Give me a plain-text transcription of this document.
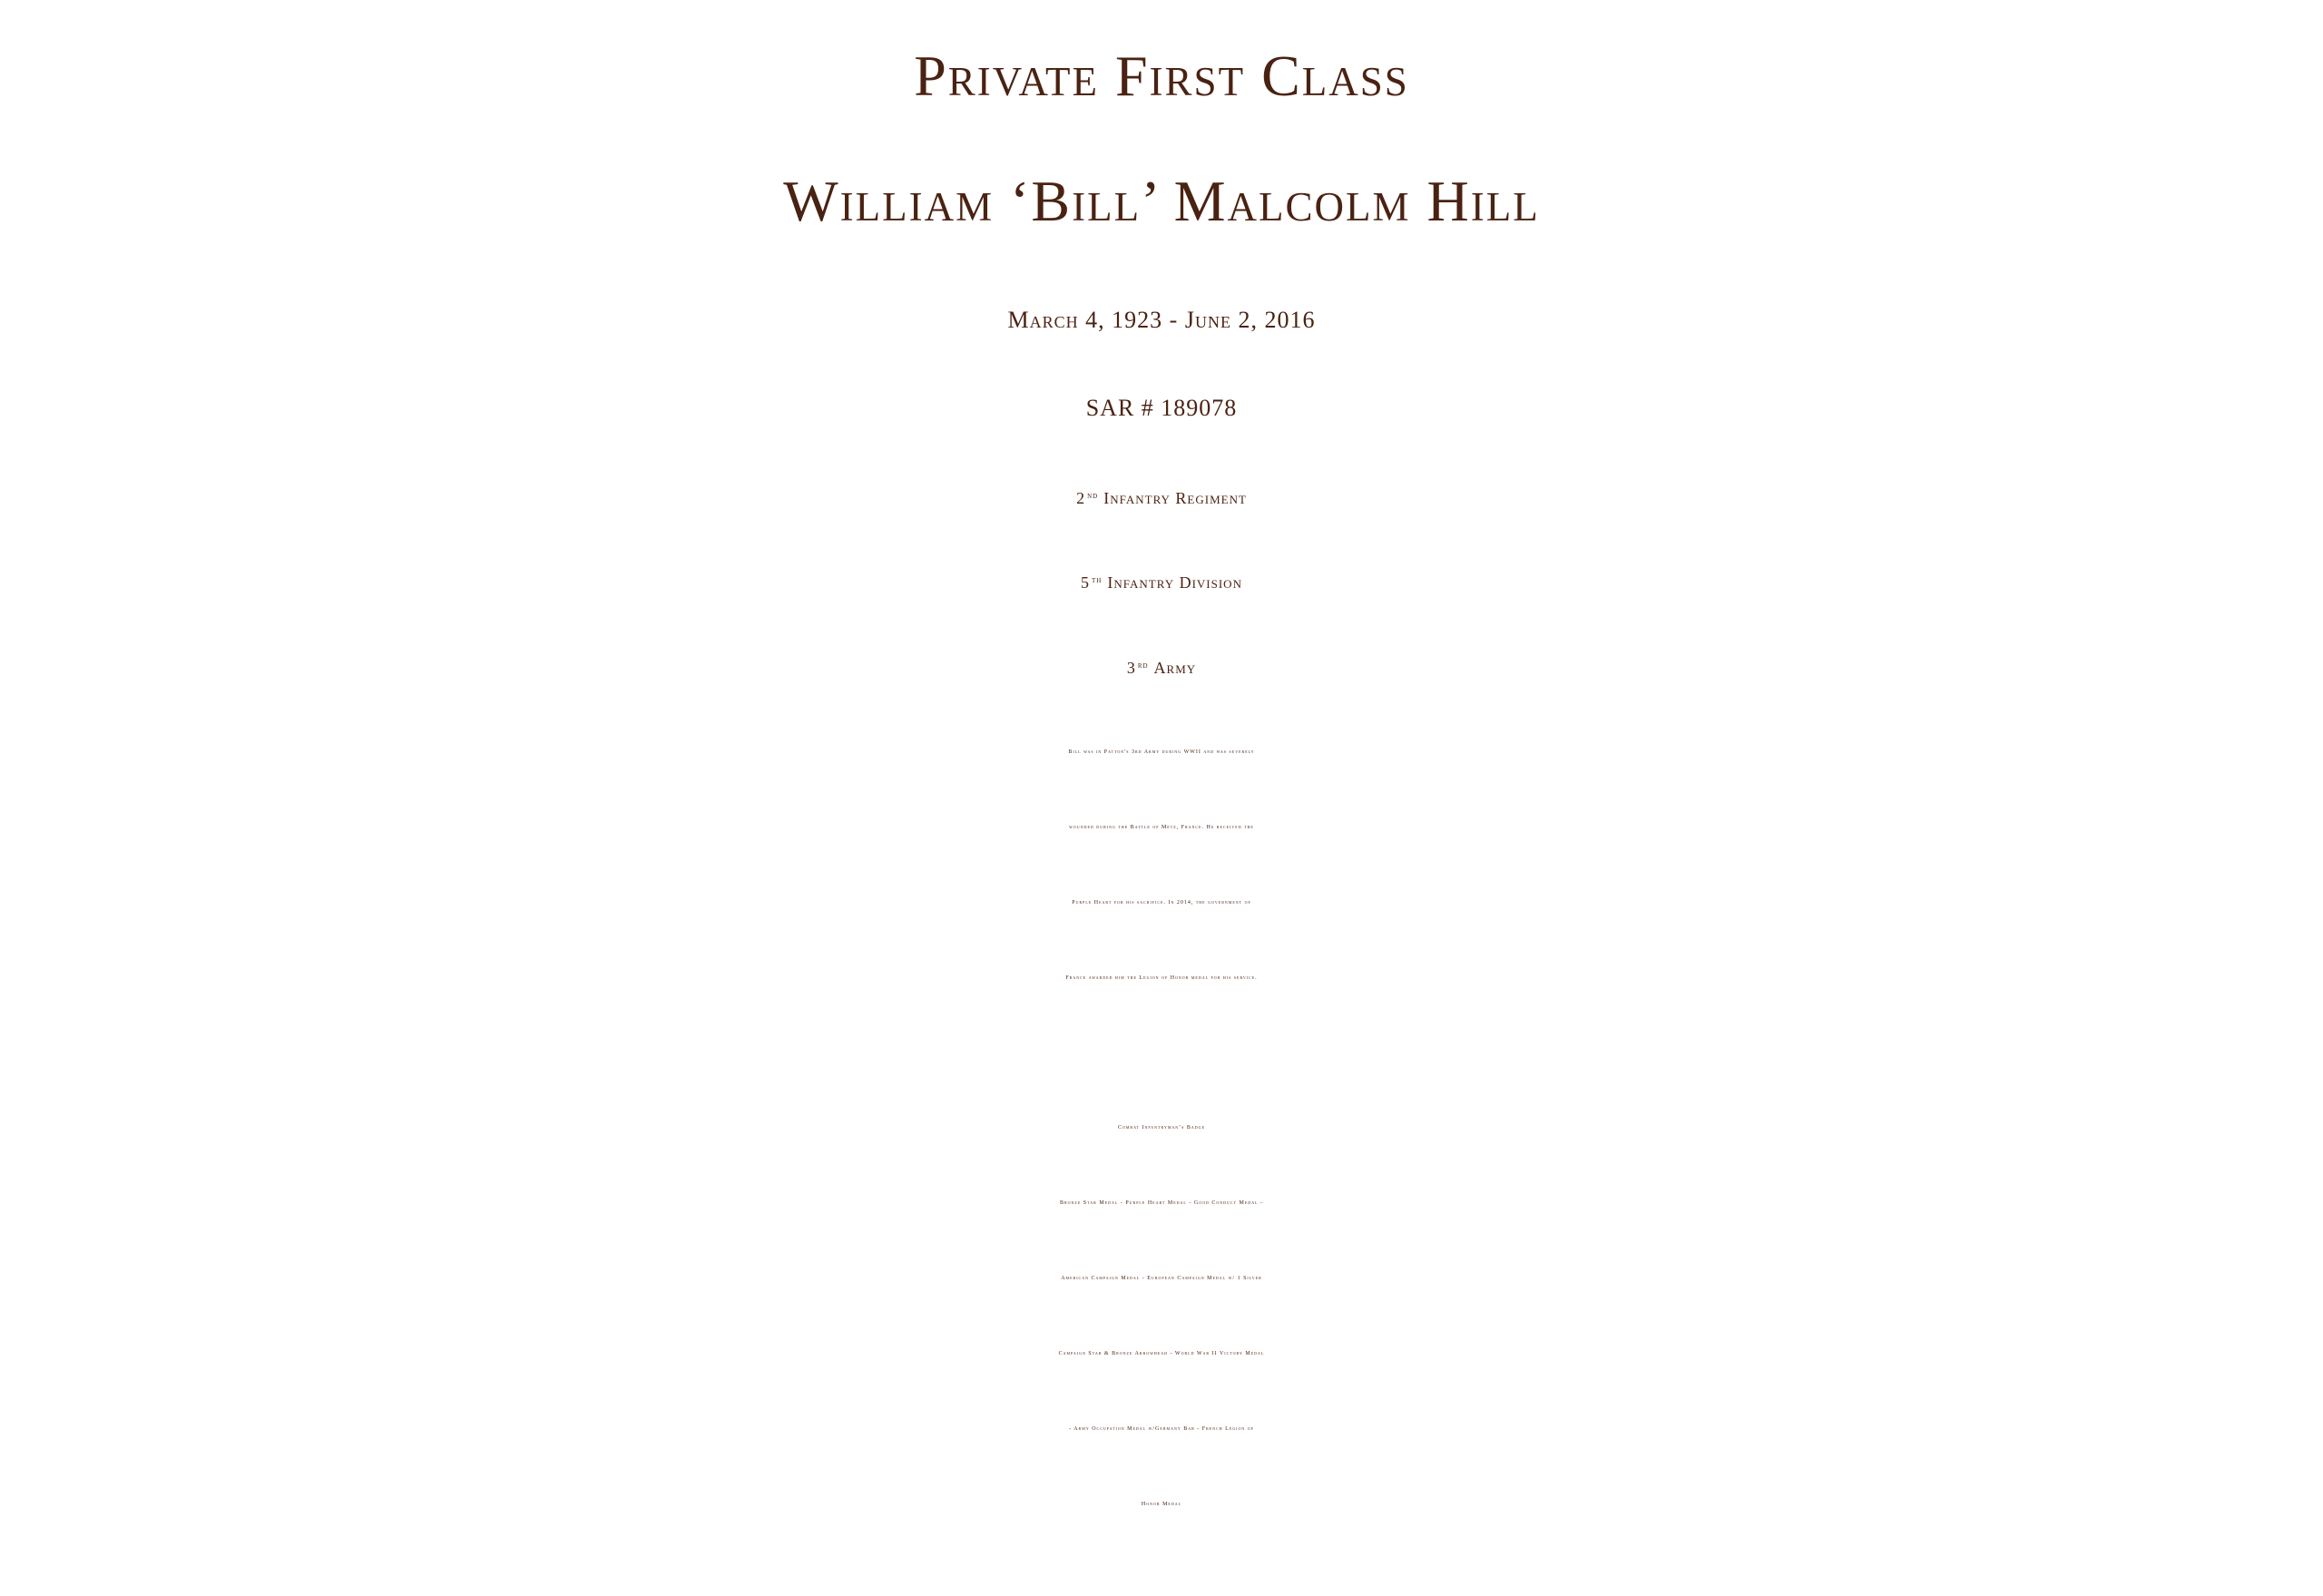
Private First Class
William ‘Bill’ Malcolm Hill
March 4, 1923 - June 2, 2016
SAR # 189078
2 $^{nd}$ Infantry Regiment
5 $^{th}$ Infantry Division
3 $^{rd}$ Army
Bill was in Patton's 3rd Army during WWII and was severely
wounded during the Battle of Metz, France. He received the
Purple Heart for his sacrifice. In 2014, the government of
France awarded him the Legion of Honor medal for his service.
Combat Infantryman’s Badge
Bronze Star Medal - Purple Heart Medal - Good Conduct Medal -
American Campaign Medal - European Campaign Medal w/ 1 Silver
Campaign Star & Bronze Arrowhead - World War II Victory Medal
- Army Occupation Medal w/Germany Bar - French Legion of
Honor Medal
